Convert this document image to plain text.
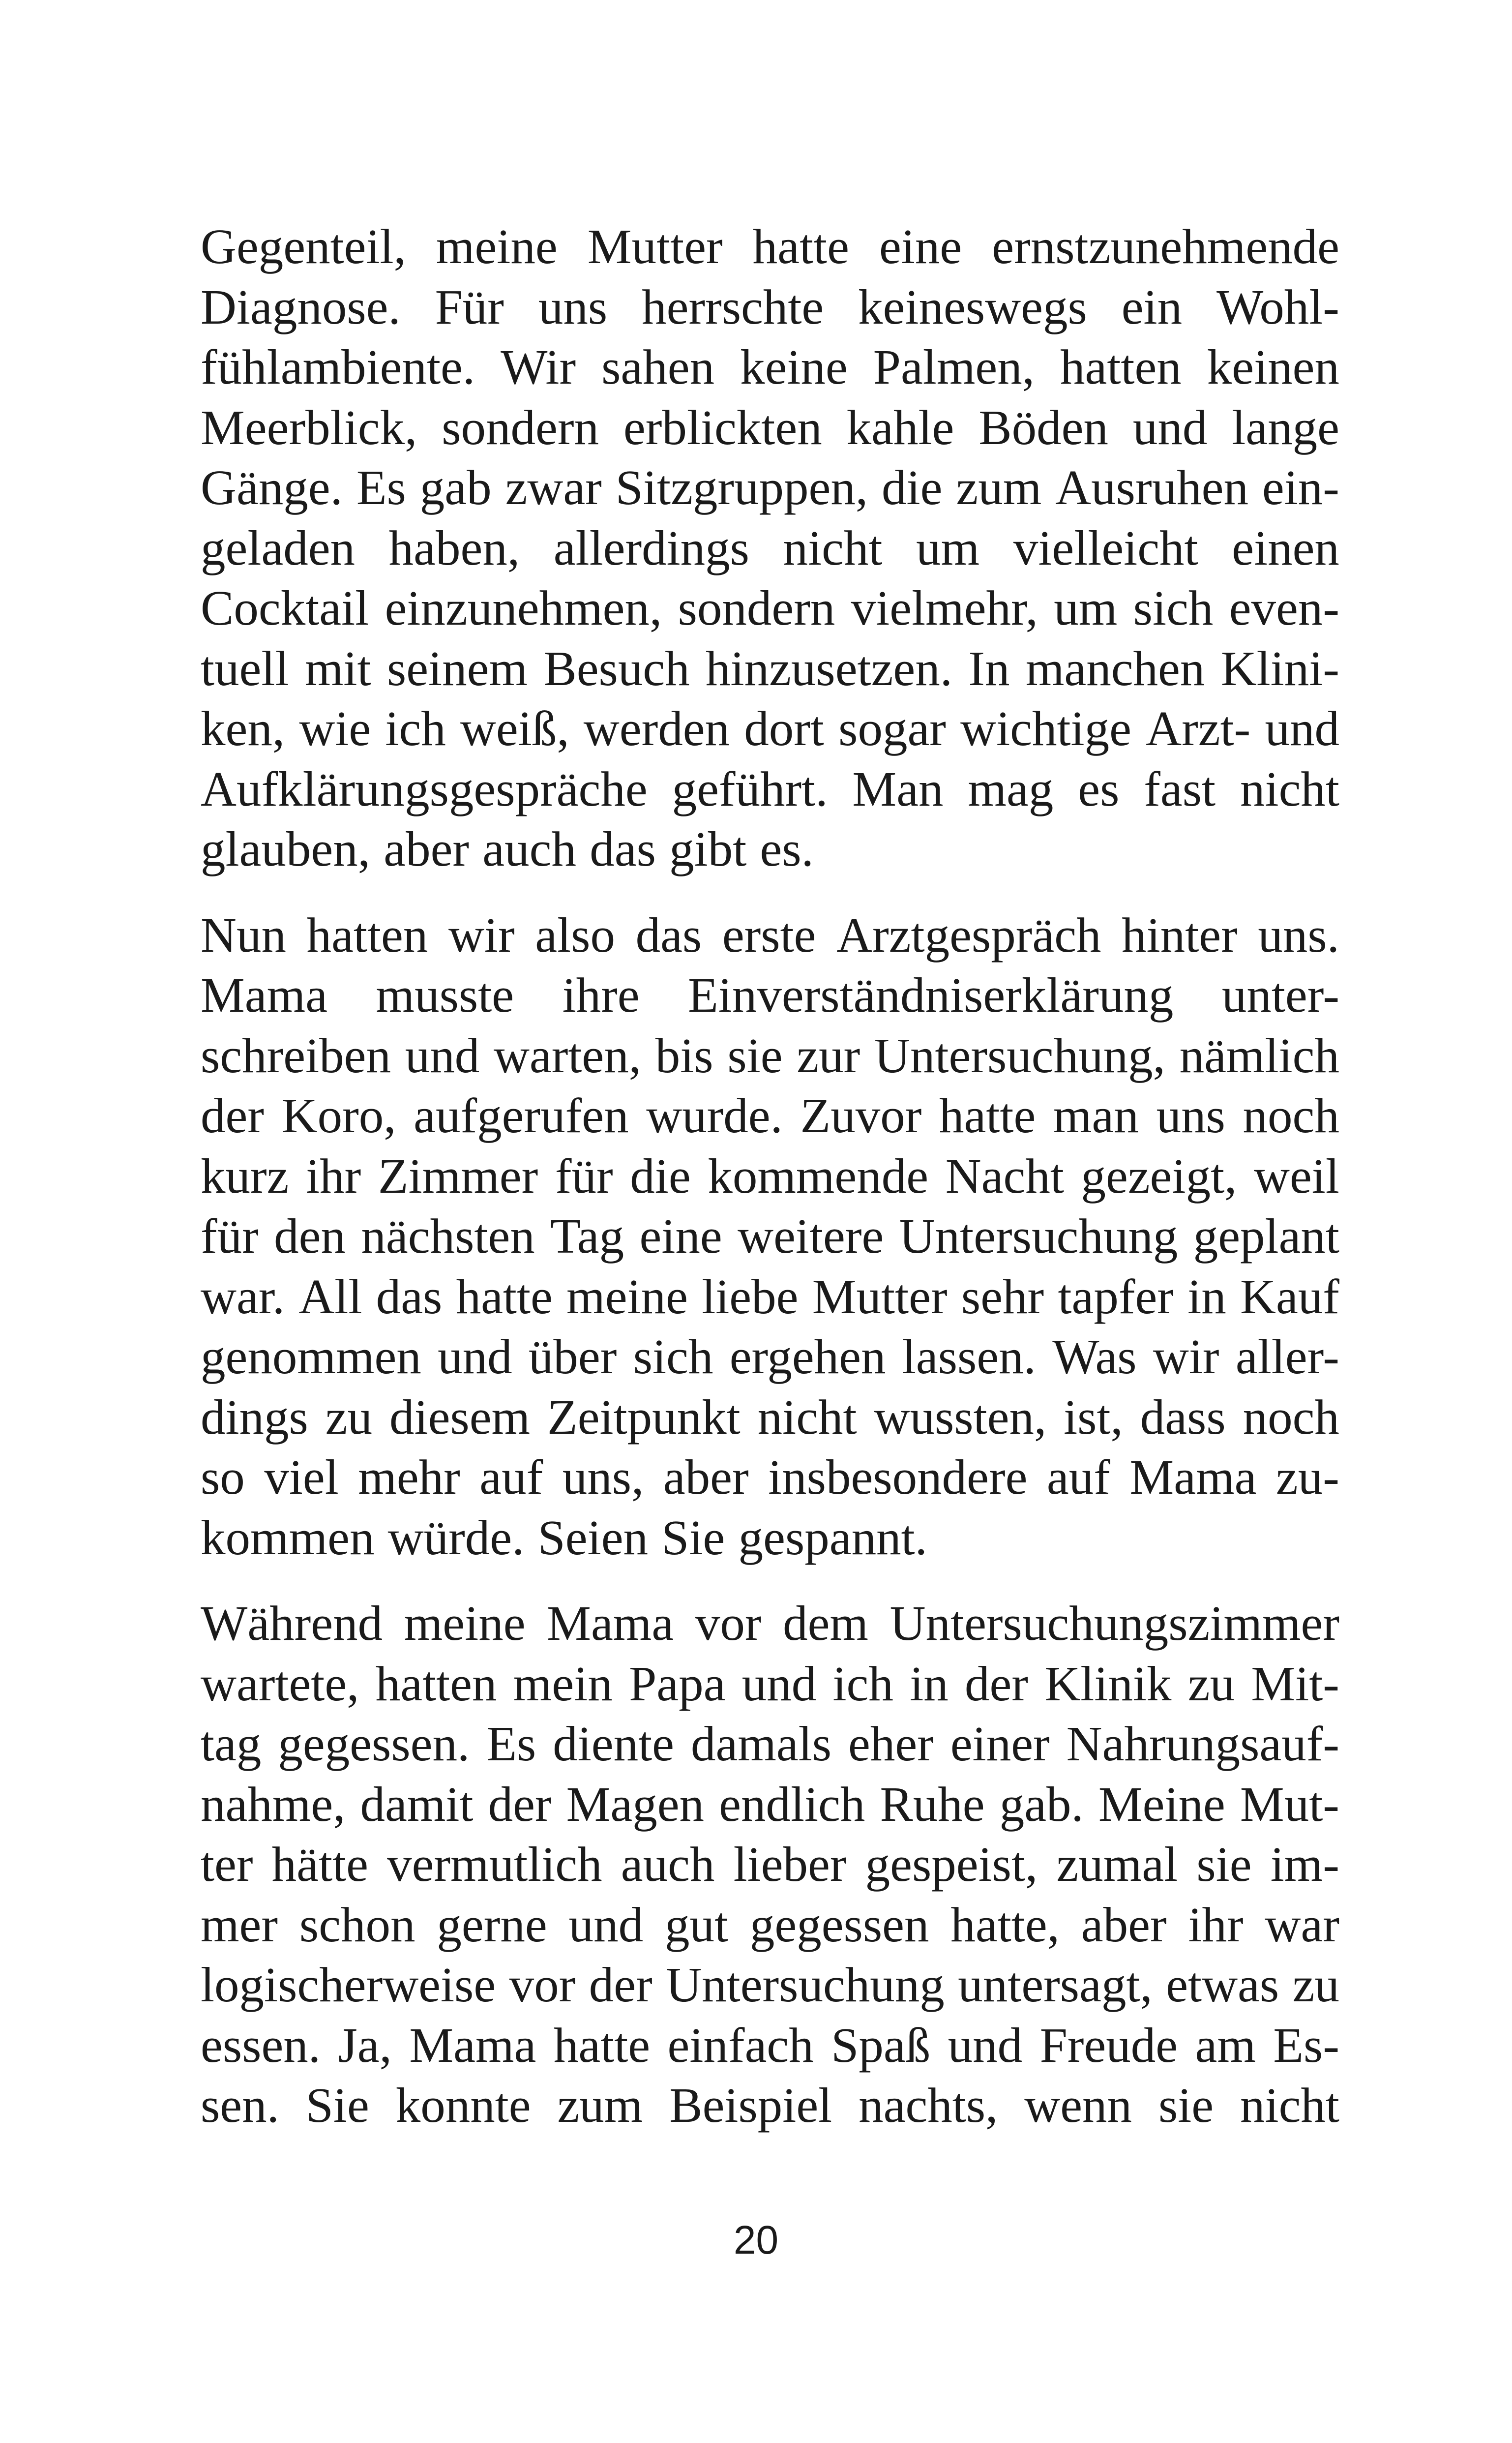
Gegenteil, meine Mutter hatte eine ernstzunehmende
Diagnose. Für uns herrschte keineswegs ein Wohl-
fühlambiente. Wir sahen keine Palmen, hatten keinen
Meerblick, sondern erblickten kahle Böden und lange
Gänge. Es gab zwar Sitzgruppen, die zum Ausruhen ein-
geladen haben, allerdings nicht um vielleicht einen
Cocktail einzunehmen, sondern vielmehr, um sich even-
tuell mit seinem Besuch hinzusetzen. In manchen Klini-
ken, wie ich weiß, werden dort sogar wichtige Arzt- und
Aufklärungsgespräche geführt. Man mag es fast nicht
glauben, aber auch das gibt es.
Nun hatten wir also das erste Arztgespräch hinter uns.
Mama musste ihre Einverständniserklärung unter-
schreiben und warten, bis sie zur Untersuchung, nämlich
der Koro, aufgerufen wurde. Zuvor hatte man uns noch
kurz ihr Zimmer für die kommende Nacht gezeigt, weil
für den nächsten Tag eine weitere Untersuchung geplant
war. All das hatte meine liebe Mutter sehr tapfer in Kauf
genommen und über sich ergehen lassen. Was wir aller-
dings zu diesem Zeitpunkt nicht wussten, ist, dass noch
so viel mehr auf uns, aber insbesondere auf Mama zu-
kommen würde. Seien Sie gespannt.
Während meine Mama vor dem Untersuchungszimmer
wartete, hatten mein Papa und ich in der Klinik zu Mit-
tag gegessen. Es diente damals eher einer Nahrungsauf-
nahme, damit der Magen endlich Ruhe gab. Meine Mut-
ter hätte vermutlich auch lieber gespeist, zumal sie im-
mer schon gerne und gut gegessen hatte, aber ihr war
logischerweise vor der Untersuchung untersagt, etwas zu
essen. Ja, Mama hatte einfach Spaß und Freude am Es-
sen. Sie konnte zum Beispiel nachts, wenn sie nicht
20
